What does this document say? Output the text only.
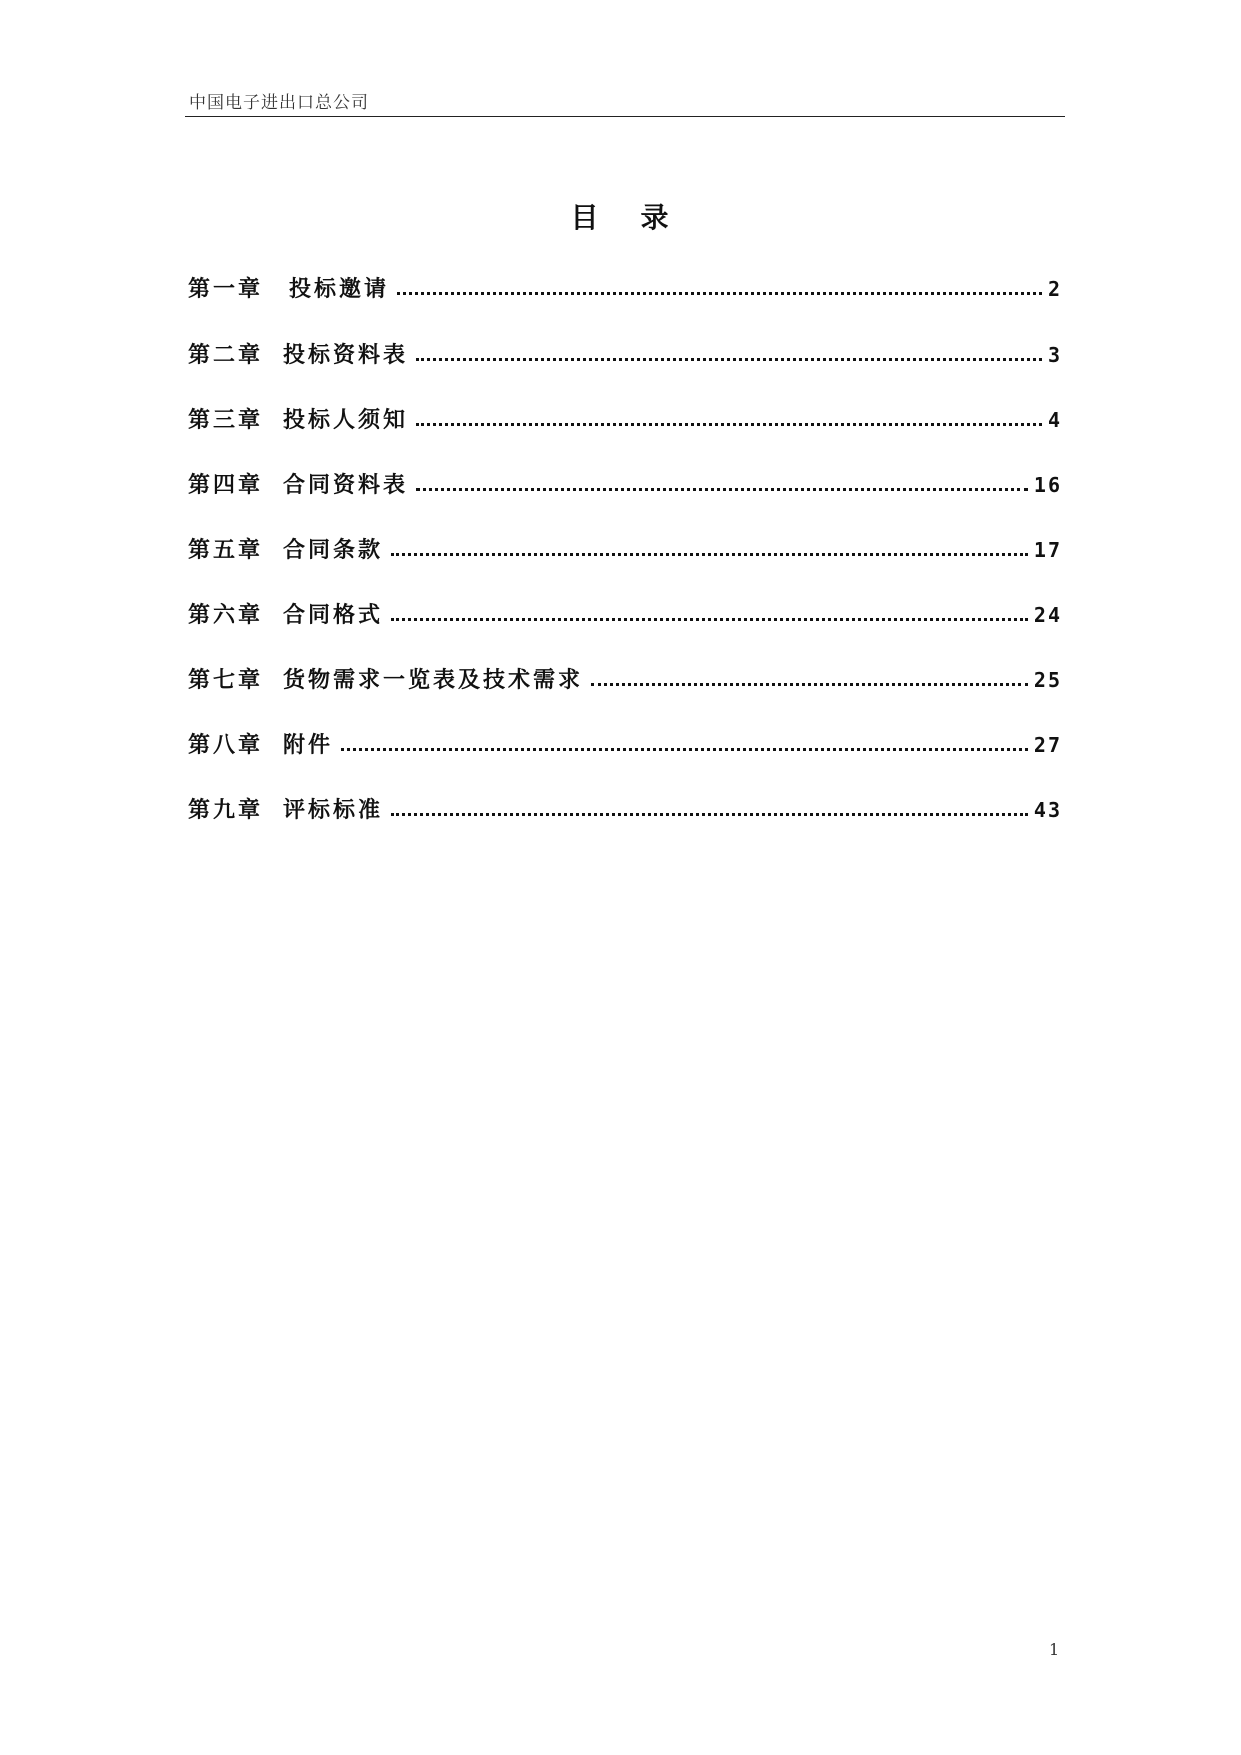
中国电子进出口总公司
目 录
第一章 投标邀请	2
第二章 投标资料表	3
第三章 投标人须知	4
第四章 合同资料表	16
第五章 合同条款	17
第六章 合同格式	24
第七章 货物需求一览表及技术需求	25
第八章 附件	27
第九章 评标标准	43
1
